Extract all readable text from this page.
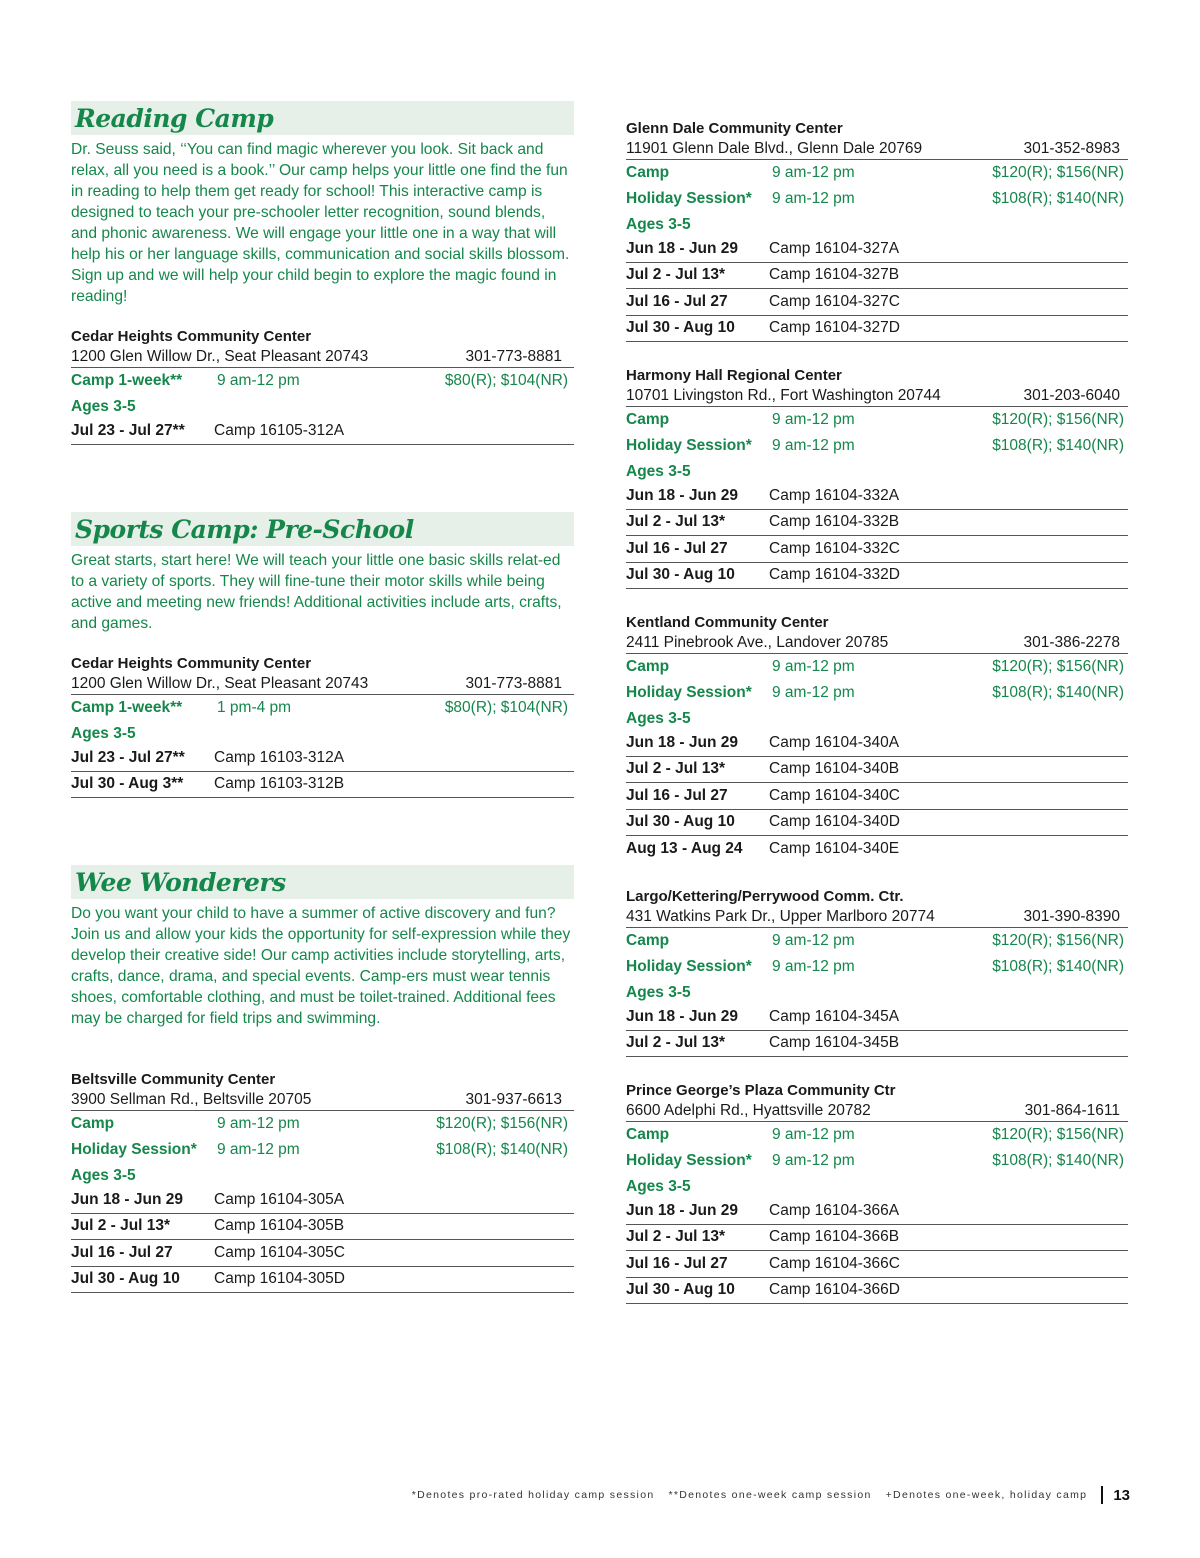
Reading Camp

Dr. Seuss said, ‘‘You can find magic wherever you look. Sit back and relax, all you need is a book.’’ Our camp helps your little one find the fun in reading to help them get ready for school! This interactive camp is designed to teach your pre-schooler letter recognition, sound blends, and phonic awareness. We will engage your little one in a way that will help his or her language skills, communication and social skills blossom. Sign up and we will help your child begin to explore the magic found in reading!

Cedar Heights Community Center
1200 Glen Willow Dr., Seat Pleasant 20743	301-773-8881
Camp 1-week**	9 am-12 pm	$80(R); $104(NR)
Ages 3-5
Jul 23 - Jul 27**	Camp 16105-312A
Sports Camp: Pre-School

Great starts, start here! We will teach your little one basic skills relat-ed to a variety of sports. They will fine-tune their motor skills while being active and meeting new friends! Additional activities include arts, crafts, and games.

Cedar Heights Community Center
1200 Glen Willow Dr., Seat Pleasant 20743	301-773-8881
Camp 1-week**	1 pm-4 pm	$80(R); $104(NR)
Ages 3-5
Jul 23 - Jul 27**	Camp 16103-312A
Jul 30 - Aug 3**	Camp 16103-312B
Wee Wonderers

Do you want your child to have a summer of active discovery and fun?Join us and allow your kids the opportunity for self-expression while they develop their creative side! Our camp activities include storytelling, arts, crafts, dance, drama, and special events. Camp-ers must wear tennis shoes, comfortable clothing, and must be toilet-trained. Additional fees may be charged for field trips and swimming.

Beltsville Community Center
3900 Sellman Rd., Beltsville 20705	301-937-6613
Camp	9 am-12 pm	$120(R); $156(NR)
Holiday Session*	9 am-12 pm	$108(R); $140(NR)
Ages 3-5
Jun 18 - Jun 29	Camp 16104-305A
Jul 2 - Jul 13*	Camp 16104-305B
Jul 16 - Jul 27	Camp 16104-305C
Jul 30 - Aug 10	Camp 16104-305D
Glenn Dale Community Center
11901 Glenn Dale Blvd., Glenn Dale 20769	301-352-8983
Camp	9 am-12 pm	$120(R); $156(NR)
Holiday Session*	9 am-12 pm	$108(R); $140(NR)
Ages 3-5
Jun 18 - Jun 29	Camp 16104-327A
Jul 2 - Jul 13*	Camp 16104-327B
Jul 16 - Jul 27	Camp 16104-327C
Jul 30 - Aug 10	Camp 16104-327D
Harmony Hall Regional Center
10701 Livingston Rd., Fort Washington 20744	301-203-6040
Camp	9 am-12 pm	$120(R); $156(NR)
Holiday Session*	9 am-12 pm	$108(R); $140(NR)
Ages 3-5
Jun 18 - Jun 29	Camp 16104-332A
Jul 2 - Jul 13*	Camp 16104-332B
Jul 16 - Jul 27	Camp 16104-332C
Jul 30 - Aug 10	Camp 16104-332D
Kentland Community Center
2411 Pinebrook Ave., Landover 20785	301-386-2278
Camp	9 am-12 pm	$120(R); $156(NR)
Holiday Session*	9 am-12 pm	$108(R); $140(NR)
Ages 3-5
Jun 18 - Jun 29	Camp 16104-340A
Jul 2 - Jul 13*	Camp 16104-340B
Jul 16 - Jul 27	Camp 16104-340C
Jul 30 - Aug 10	Camp 16104-340D
Aug 13 - Aug 24	Camp 16104-340E
Largo/Kettering/Perrywood Comm. Ctr.
431 Watkins Park Dr., Upper Marlboro 20774	301-390-8390
Camp	9 am-12 pm	$120(R); $156(NR)
Holiday Session*	9 am-12 pm	$108(R); $140(NR)
Ages 3-5
Jun 18 - Jun 29	Camp 16104-345A
Jul 2 - Jul 13*	Camp 16104-345B
Prince George’s Plaza Community Ctr
6600 Adelphi Rd., Hyattsville 20782	301-864-1611
Camp	9 am-12 pm	$120(R); $156(NR)
Holiday Session*	9 am-12 pm	$108(R); $140(NR)
Ages 3-5
Jun 18 - Jun 29	Camp 16104-366A
Jul 2 - Jul 13*	Camp 16104-366B
Jul 16 - Jul 27	Camp 16104-366C
Jul 30 - Aug 10	Camp 16104-366D
*Denotes pro-rated holiday camp session **Denotes one-week camp session +Denotes one-week, holiday camp 13
